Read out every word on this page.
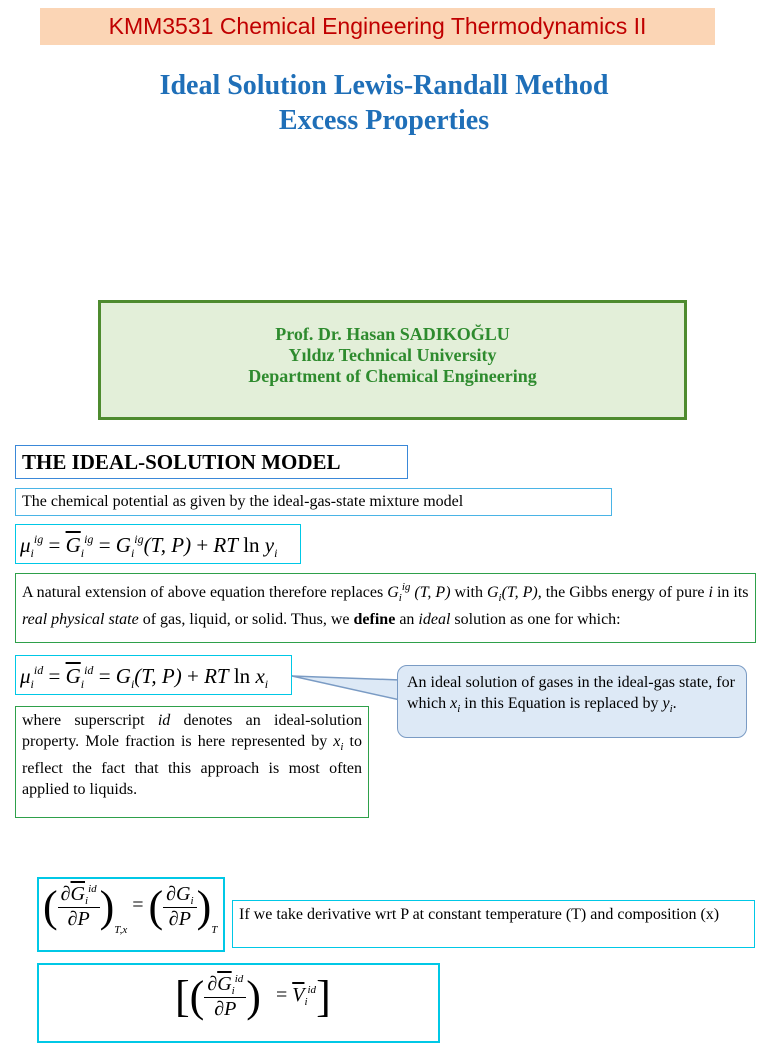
KMM3531 Chemical Engineering Thermodynamics II
Ideal Solution Lewis-Randall Method
Excess Properties
Prof. Dr. Hasan SADIKOĞLU
Yıldız Technical University
Department of Chemical Engineering
THE IDEAL-SOLUTION MODEL
The chemical potential as given by the ideal-gas-state mixture model
$\mu_i^{ig} = \overline{G}_i^{ig} = G_i^{ig}(T$, P) + RT $\ln y_i$
A natural extension of above equation therefore replaces $G_i^{ig}$ (T, P) with $G_i(T$, P), the Gibbs energy of pure i in its real physical state of gas, liquid, or solid. Thus, we define an ideal solution as one for which:
$\mu_i^{id} = \overline{G}_i^{id} = G_i(T$, P) + RT $\ln x_i$	An ideal solution of gases in the ideal-gas state, for which $x_i$ in this Equation is replaced by $y_i$.
where superscript id denotes an ideal-solution property. Mole fraction is here represented by $x_i$ to reflect the fact that this approach is most often applied to liquids.
( $\frac{\partial\overline{G}_i^{id}}{\partial P} )_{T,x}$ = ( $\frac{\partial G_i}{\partial P} )_T$
If we take derivative wrt P at constant temperature (T) and composition (x)
[( $\frac{\partial\overline{G}_i^{id}}{\partial P}$ ) = $\overline{V}_i^{id}$]
